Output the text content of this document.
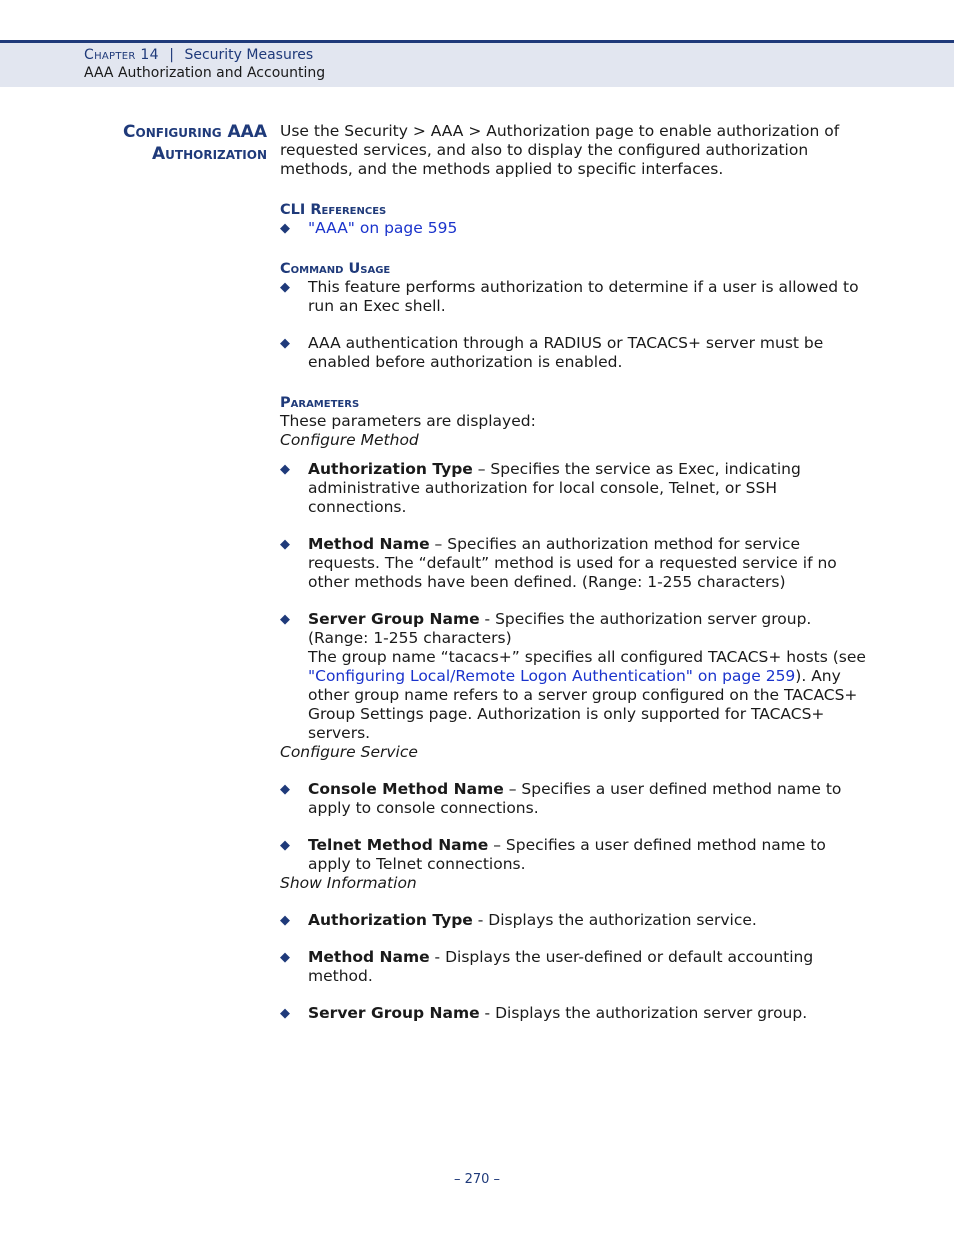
Chapter 14 | Security Measures
AAA Authorization and Accounting
Configuring AAA
Authorization

Use the Security > AAA > Authorization page to enable authorization of requested services, and also to display the configured authorization methods, and the methods applied to specific interfaces.

CLI References
◆ "AAA" on page 595
Command Usage
◆ This feature performs authorization to determine if a user is allowed to run an Exec shell.
◆ AAA authentication through a RADIUS or TACACS+ server must be enabled before authorization is enabled.
Parameters

These parameters are displayed:

Configure Method

◆ Authorization Type – Specifies the service as Exec, indicating administrative authorization for local console, Telnet, or SSH connections.
◆ Method Name – Specifies an authorization method for service requests. The “default” method is used for a requested service if no other methods have been defined. (Range: 1-255 characters)
◆ Server Group Name - Specifies the authorization server group. (Range: 1-255 characters)

The group name “tacacs+” specifies all configured TACACS+ hosts (see "Configuring Local/Remote Logon Authentication" on page 259). Any other group name refers to a server group configured on the TACACS+ Group Settings page. Authorization is only supported for TACACS+ servers.

Configure Service

◆ Console Method Name – Specifies a user defined method name to apply to console connections.
◆ Telnet Method Name – Specifies a user defined method name to apply to Telnet connections.

Show Information

◆ Authorization Type - Displays the authorization service.
◆ Method Name - Displays the user-defined or default accounting method.
◆ Server Group Name - Displays the authorization server group.
– 270 –
